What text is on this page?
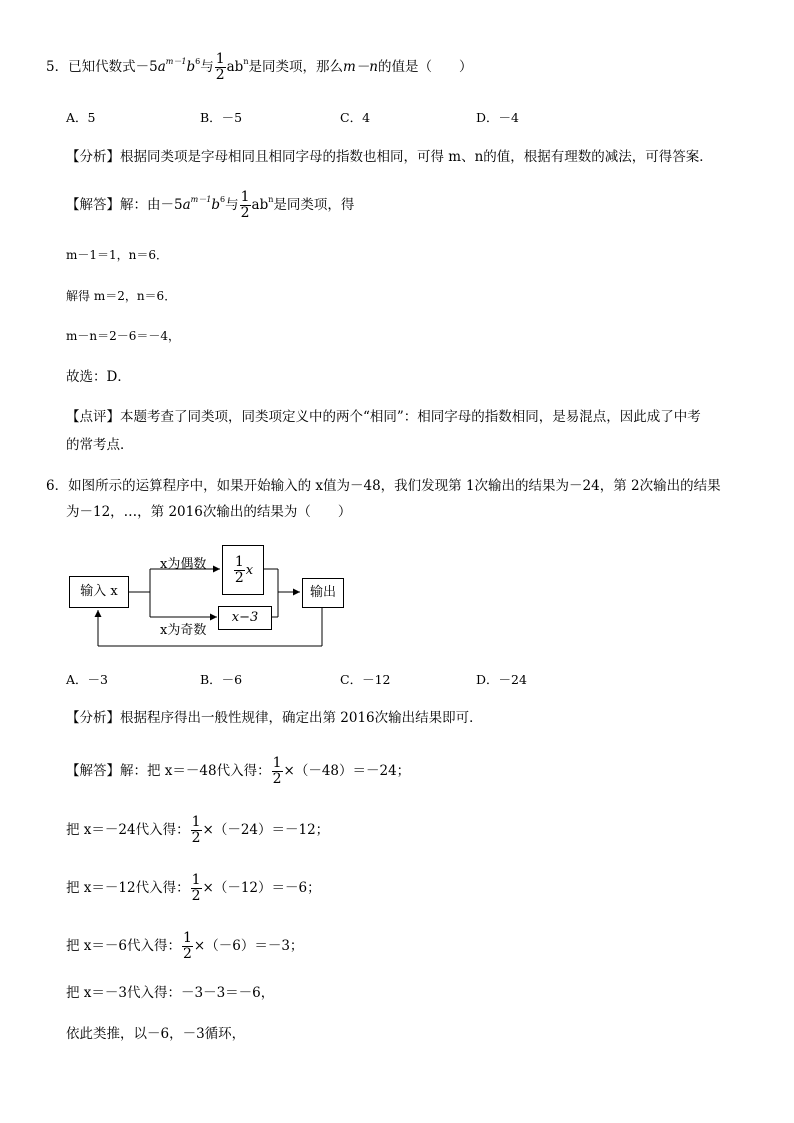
5．已知代数式$-5a^{m-1}b^6$与 $\frac{1}{2} ab^n$是同类项，那么m－n的值是（　　）
A．5	B．－5	C．4	D．－4
【分析】根据同类项是字母相同且相同字母的指数也相同，可得 m、n的值，根据有理数的减法，可得答案．
【解答】解：由$-5a^{m-1}b^6$与 $\frac{1}{2} ab^n$是同类项，得
m－1＝1，n＝6．
解得 m＝2，n＝6．
m－n＝2－6＝－4，
故选：D．
【点评】本题考查了同类项，同类项定义中的两个“相同”：相同字母的指数相同，是易混点，因此成了中考
的常考点．
6．如图所示的运算程序中，如果开始输入的 x值为－48，我们发现第 1次输出的结果为－24，第 2次输出的结果
为－12，…，第 2016次输出的结果为（　　）
输入 x
x为偶数
x为奇数
$\frac{1}{2}$ x
x−3
输出
A．－3	B．－6	C．－12	D．－24
【分析】根据程序得出一般性规律，确定出第 2016次输出结果即可．
【解答】解：把 x＝－48代入得： $\frac{1}{2} \times(-48)=-24$；
把 x＝－24代入得： $\frac{1}{2} \times(-24)=-12$；
把 x＝－12代入得： $\frac{1}{2} \times(-12)=-6$；
把 x＝－6代入得： $\frac{1}{2} \times(-6)=-3$；
把 x＝－3代入得：－3－3＝－6，
依此类推，以－6，－3循环，
